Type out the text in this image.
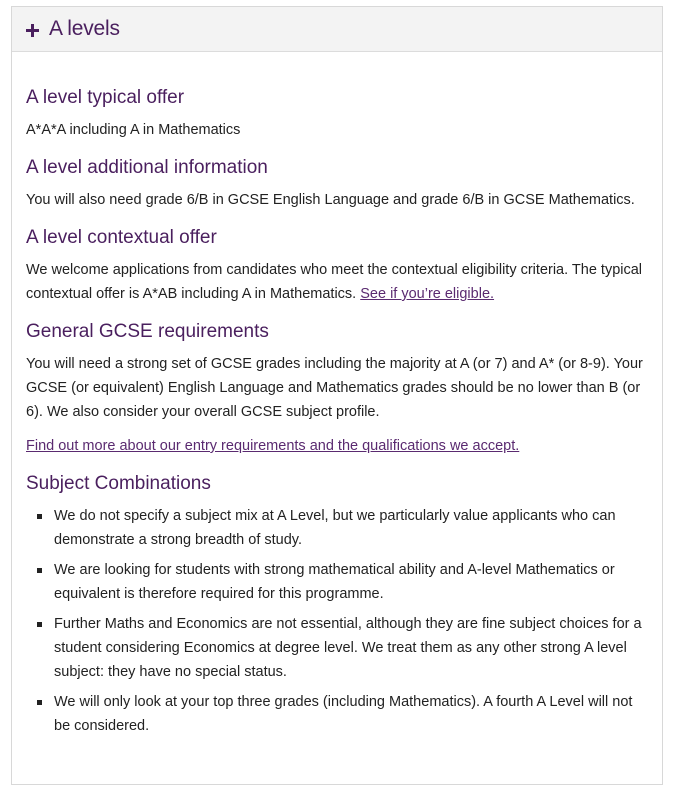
A levels
A level typical offer

A*A*A including A in Mathematics

A level additional information

You will also need grade 6/B in GCSE English Language and grade 6/B in GCSE Mathematics.

A level contextual offer

We welcome applications from candidates who meet the contextual eligibility criteria. The typical contextual offer is A*AB including A in Mathematics. See if you’re eligible.

General GCSE requirements

You will need a strong set of GCSE grades including the majority at A (or 7) and A* (or 8-9). Your GCSE (or equivalent) English Language and Mathematics grades should be no lower than B (or 6). We also consider your overall GCSE subject profile.

Find out more about our entry requirements and the qualifications we accept.

Subject Combinations
We do not specify a subject mix at A Level, but we particularly value applicants who can demonstrate a strong breadth of study.
We are looking for students with strong mathematical ability and A-level Mathematics or equivalent is therefore required for this programme.
Further Maths and Economics are not essential, although they are fine subject choices for a student considering Economics at degree level. We treat them as any other strong A level subject: they have no special status.
We will only look at your top three grades (including Mathematics). A fourth A Level will not be considered.
